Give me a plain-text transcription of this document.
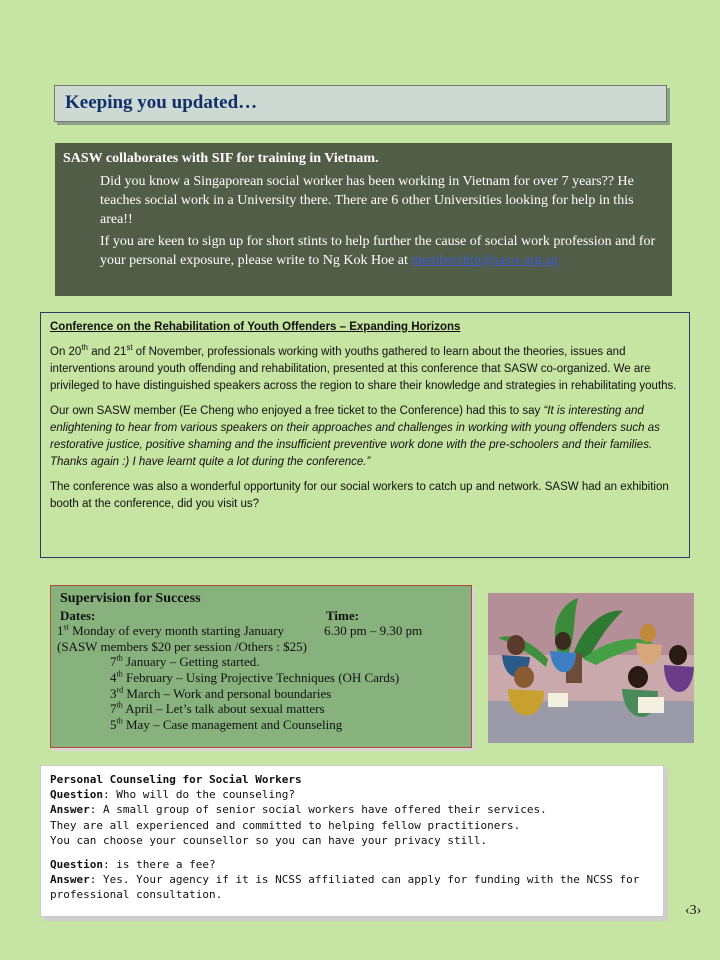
Keeping you updated…
SASW collaborates with SIF for training in Vietnam.

Did you know a Singaporean social worker has been working in Vietnam for over 7 years?? He teaches social work in a University there. There are 6 other Universities looking for help in this area!!

If you are keen to sign up for short stints to help further the cause of social work profession and for your personal exposure, please write to Ng Kok Hoe at membership@sasw.org.sg

Conference on the Rehabilitation of Youth Offenders – Expanding Horizons

On 20th and 21st of November, professionals working with youths gathered to learn about the theories, issues and interventions around youth offending and rehabilitation, presented at this conference that SASW co-organized. We are privileged to have distinguished speakers across the region to share their knowledge and strategies in rehabilitating youths.

Our own SASW member (Ee Cheng who enjoyed a free ticket to the Conference) had this to say “It is interesting and enlightening to hear from various speakers on their approaches and challenges in working with young offenders such as restorative justice, positive shaming and the insufficient preventive work done with the pre-schoolers and their families. Thanks again :) I have learnt quite a lot during the conference.”

The conference was also a wonderful opportunity for our social workers to catch up and network. SASW had an exhibition booth at the conference, did you visit us?

Supervision for Success
Dates:	Time:
1st Monday of every month starting January	6.30 pm – 9.30 pm
(SASW members $20 per session /Others : $25)
7th January – Getting started.
4th February – Using Projective Techniques (OH Cards)
3rd March – Work and personal boundaries
7th April – Let’s talk about sexual matters
5th May – Case management and Counseling
Personal Counseling for Social Workers
Question: Who will do the counseling?
Answer: A small group of senior social workers have offered their services.
They are all experienced and committed to helping fellow practitioners.
You can choose your counsellor so you can have your privacy still.
Question: is there a fee?
Answer: Yes. Your agency if it is NCSS affiliated can apply for funding with the NCSS for professional consultation.
‹3›
